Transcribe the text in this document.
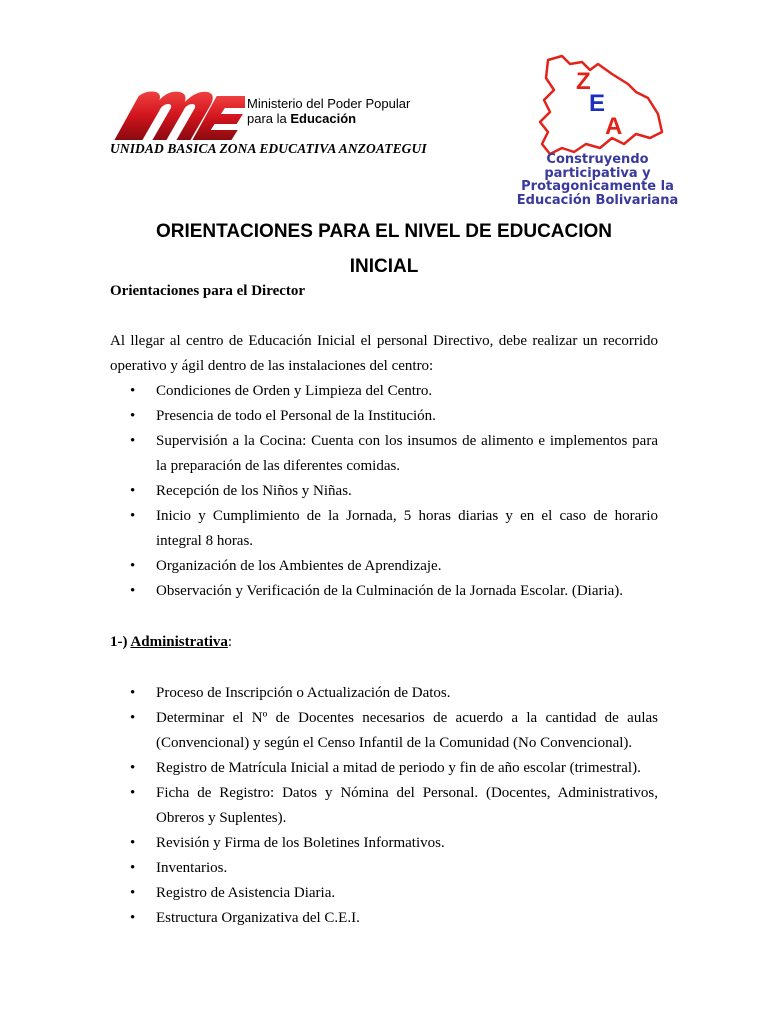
Ministerio del Poder Popular
para la Educación
UNIDAD BASICA ZONA EDUCATIVA ANZOATEGUI
Z
E
A
Construyendo participativa y Protagonicamente la Educación Bolivariana
ORIENTACIONES PARA EL NIVEL DE EDUCACION
INICIAL
Orientaciones para el Director
Al llegar al centro de Educación Inicial el personal Directivo, debe realizar un recorrido operativo y ágil dentro de las instalaciones del centro:
• Condiciones de Orden y Limpieza del Centro.
• Presencia de todo el Personal de la Institución.
• Supervisión a la Cocina: Cuenta con los insumos de alimento e implementos para la preparación de las diferentes comidas.
• Recepción de los Niños y Niñas.
• Inicio y Cumplimiento de la Jornada, 5 horas diarias y en el caso de horario integral 8 horas.
• Organización de los Ambientes de Aprendizaje.
• Observación y Verificación de la Culminación de la Jornada Escolar. (Diaria).
1-) Administrativa:
• Proceso de Inscripción o Actualización de Datos.
• Determinar el Nº de Docentes necesarios de acuerdo a la cantidad de aulas (Convencional) y según el Censo Infantil de la Comunidad (No Convencional).
• Registro de Matrícula Inicial a mitad de periodo y fin de año escolar (trimestral).
• Ficha de Registro: Datos y Nómina del Personal. (Docentes, Administrativos, Obreros y Suplentes).
• Revisión y Firma de los Boletines Informativos.
• Inventarios.
• Registro de Asistencia Diaria.
• Estructura Organizativa del C.E.I.
